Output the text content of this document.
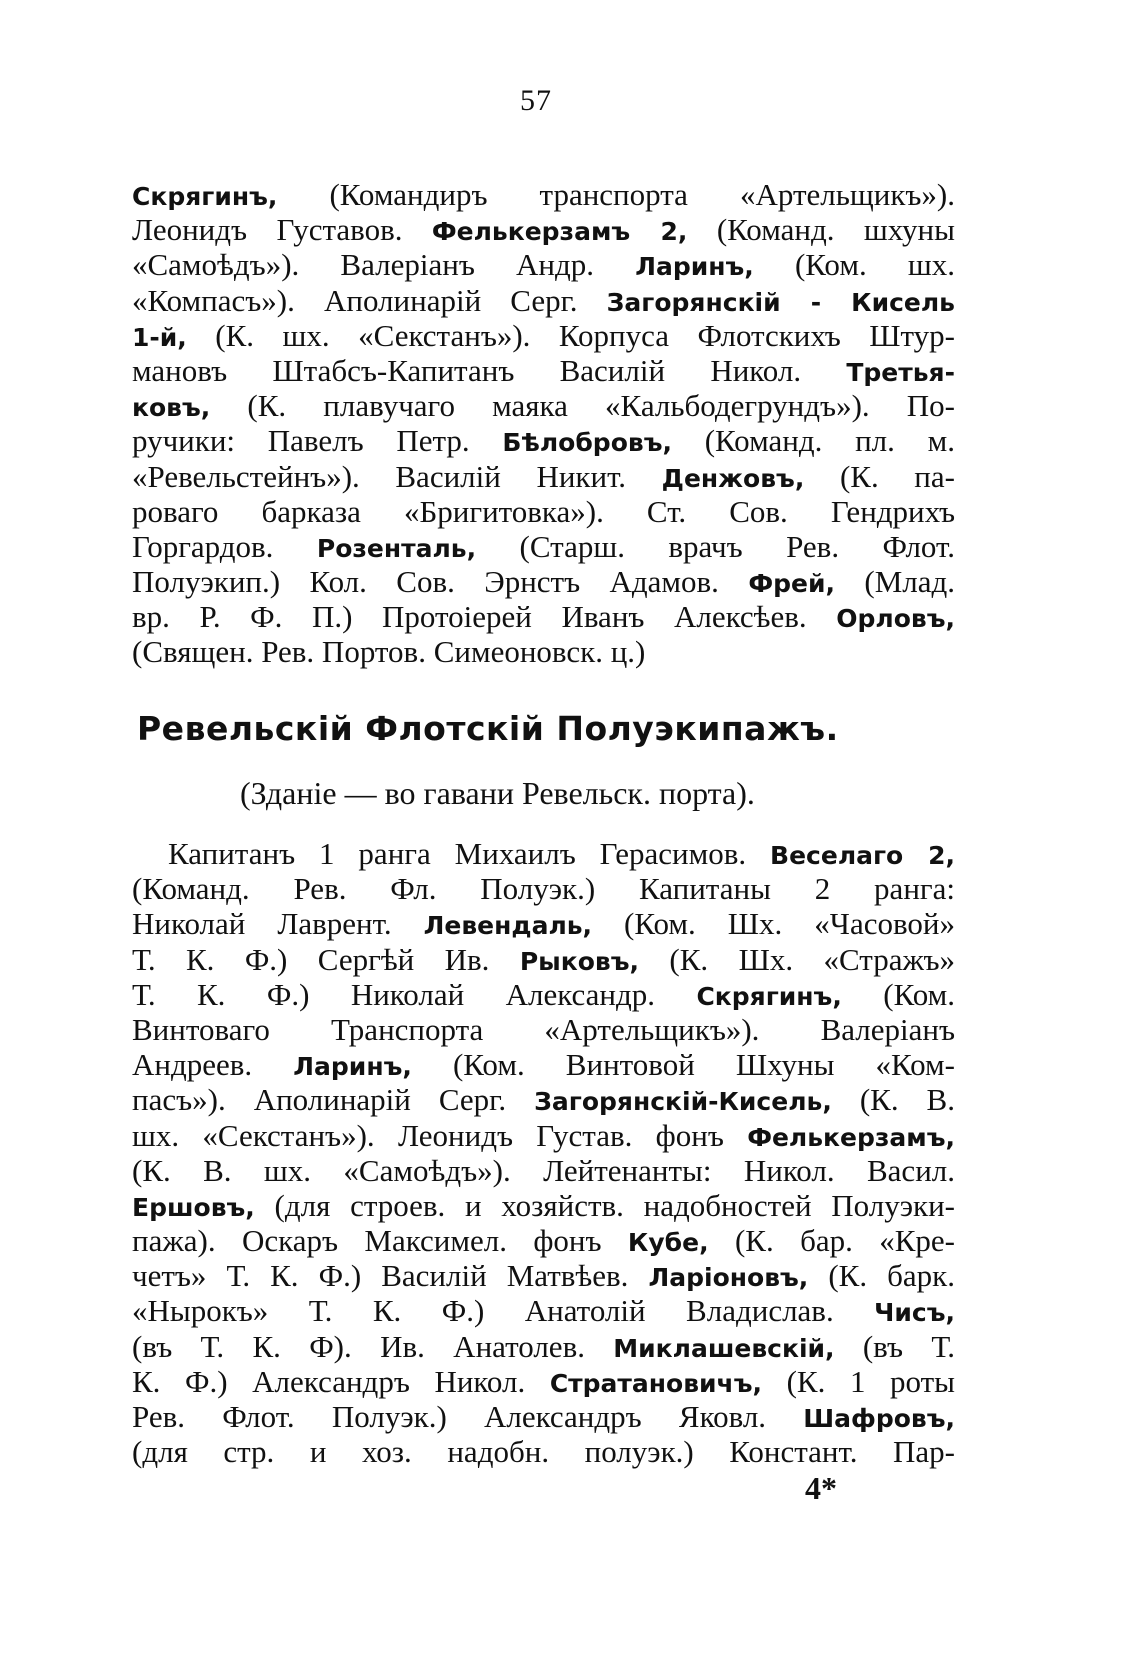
57
Скрягинъ, (Командиръ транспорта «Артельщикъ»).
Леонидъ Густавов. Фелькерзамъ 2, (Команд. шхуны
«Самоѣдъ»). Валеріанъ Андр. Ларинъ, (Ком. шх.
«Компасъ»). Аполинарій Серг. Загорянскій - Кисель
1-й, (К. шх. «Секстанъ»). Корпуса Флотскихъ Штур-
мановъ Штабсъ-Капитанъ Василій Никол. Третья-
ковъ, (К. плавучаго маяка «Кальбодегрундъ»). По-
ручики: Павелъ Петр. Бѣлобровъ, (Команд. пл. м.
«Ревельстейнъ»). Василій Никит. Денжовъ, (К. па-
роваго барказа «Бригитовка»). Ст. Сов. Гендрихъ
Горгардов. Розенталь, (Старш. врачъ Рев. Флот.
Полуэкип.) Кол. Сов. Эрнстъ Адамов. Фрей, (Млад.
вр. Р. Ф. П.) Протоіерей Иванъ Алексѣев. Орловъ,
(Священ. Рев. Портов. Симеоновск. ц.)
Ревельскій Флотскій Полуэкипажъ.
(Зданіе — во гавани Ревельск. порта).
Капитанъ 1 ранга Михаилъ Герасимов. Веселаго 2,
(Команд. Рев. Фл. Полуэк.) Капитаны 2 ранга:
Николай Лаврент. Левендаль, (Ком. Шх. «Часовой»
Т. К. Ф.) Сергѣй Ив. Рыковъ, (К. Шх. «Стражъ»
Т. К. Ф.) Николай Александр. Скрягинъ, (Ком.
Винтоваго Транспорта «Артельщикъ»). Валеріанъ
Андреев. Ларинъ, (Ком. Винтовой Шхуны «Ком-
пасъ»). Аполинарій Серг. Загорянскій-Кисель, (К. В.
шх. «Секстанъ»). Леонидъ Густав. фонъ Фелькерзамъ,
(К. В. шх. «Самоѣдъ»). Лейтенанты: Никол. Васил.
Ершовъ, (для строев. и хозяйств. надобностей Полуэки-
пажа). Оскаръ Максимел. фонъ Кубе, (К. бар. «Кре-
четъ» Т. К. Ф.) Василій Матвѣев. Ларіоновъ, (К. барк.
«Нырокъ» Т. К. Ф.) Анатолій Владислав. Чисъ,
(въ Т. К. Ф). Ив. Анатолев. Миклашевскій, (въ Т.
К. Ф.) Александръ Никол. Стратановичъ, (К. 1 роты
Рев. Флот. Полуэк.) Александръ Яковл. Шафровъ,
(для стр. и хоз. надобн. полуэк.) Констант. Пар-
4*
